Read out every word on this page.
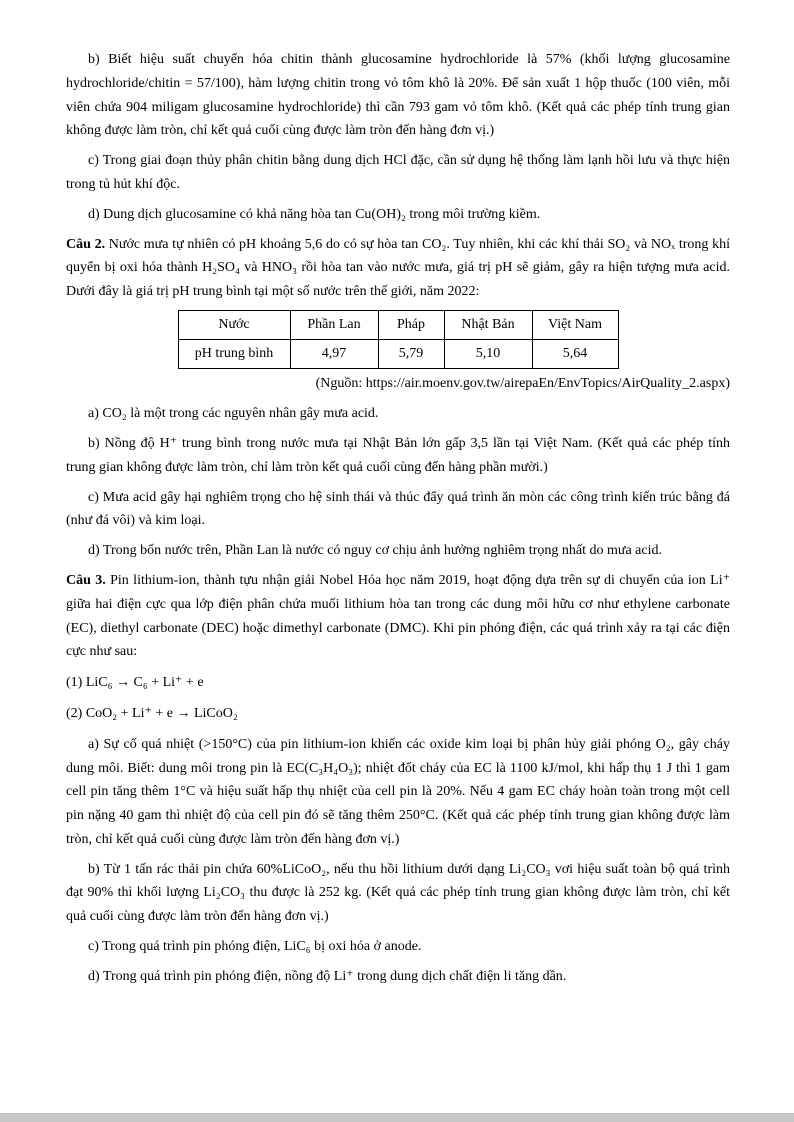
b) Biết hiệu suất chuyển hóa chitin thành glucosamine hydrochloride là 57% (khối lượng glucosamine hydrochloride/chitin = 57/100), hàm lượng chitin trong vỏ tôm khô là 20%. Để sản xuất 1 hộp thuốc (100 viên, mỗi viên chứa 904 miligam glucosamine hydrochloride) thì cần 793 gam vỏ tôm khô. (Kết quả các phép tính trung gian không được làm tròn, chỉ kết quả cuối cùng được làm tròn đến hàng đơn vị.)

c) Trong giai đoạn thủy phân chitin bằng dung dịch HCl đặc, cần sử dụng hệ thống làm lạnh hồi lưu và thực hiện trong tủ hút khí độc.

d) Dung dịch glucosamine có khả năng hòa tan Cu(OH)₂ trong môi trường kiềm.

Câu 2. Nước mưa tự nhiên có pH khoảng 5,6 do có sự hòa tan CO₂. Tuy nhiên, khi các khí thải SO₂ và NOₓ trong khí quyển bị oxi hóa thành H₂SO₄ và HNO₃ rồi hòa tan vào nước mưa, giá trị pH sẽ giảm, gây ra hiện tượng mưa acid. Dưới đây là giá trị pH trung bình tại một số nước trên thế giới, năm 2022:

Nước	Phần Lan	Pháp	Nhật Bản	Việt Nam
pH trung bình	4,97	5,79	5,10	5,64

(Nguồn: https://air.moenv.gov.tw/airepaEn/EnvTopics/AirQuality_2.aspx)

a) CO₂ là một trong các nguyên nhân gây mưa acid.

b) Nồng độ H⁺ trung bình trong nước mưa tại Nhật Bản lớn gấp 3,5 lần tại Việt Nam. (Kết quả các phép tính trung gian không được làm tròn, chỉ làm tròn kết quả cuối cùng đến hàng phần mười.)

c) Mưa acid gây hại nghiêm trọng cho hệ sinh thái và thúc đẩy quá trình ăn mòn các công trình kiến trúc bằng đá (như đá vôi) và kim loại.

d) Trong bốn nước trên, Phần Lan là nước có nguy cơ chịu ảnh hưởng nghiêm trọng nhất do mưa acid.

Câu 3. Pin lithium-ion, thành tựu nhận giải Nobel Hóa học năm 2019, hoạt động dựa trên sự di chuyển của ion Li⁺ giữa hai điện cực qua lớp điện phân chứa muối lithium hòa tan trong các dung môi hữu cơ như ethylene carbonate (EC), diethyl carbonate (DEC) hoặc dimethyl carbonate (DMC). Khi pin phóng điện, các quá trình xảy ra tại các điện cực như sau:

(1) LiC₆ → C₆ + Li⁺ + e

(2) CoO₂ + Li⁺ + e → LiCoO₂

a) Sự cố quá nhiệt (>150°C) của pin lithium-ion khiến các oxide kim loại bị phân hủy giải phóng O₂, gây cháy dung môi. Biết: dung môi trong pin là EC(C₃H₄O₃); nhiệt đốt cháy của EC là 1100 kJ/mol, khi hấp thụ 1 J thì 1 gam cell pin tăng thêm 1°C và hiệu suất hấp thụ nhiệt của cell pin là 20%. Nếu 4 gam EC cháy hoàn toàn trong một cell pin nặng 40 gam thì nhiệt độ của cell pin đó sẽ tăng thêm 250°C. (Kết quả các phép tính trung gian không được làm tròn, chỉ kết quả cuối cùng được làm tròn đến hàng đơn vị.)

b) Từ 1 tấn rác thải pin chứa 60%LiCoO₂, nếu thu hồi lithium dưới dạng Li₂CO₃ vơi hiệu suất toàn bộ quá trình đạt 90% thì khối lượng Li₂CO₃ thu được là 252 kg. (Kết quả các phép tính trung gian không được làm tròn, chỉ kết quả cuối cùng được làm tròn đến hàng đơn vị.)

c) Trong quá trình pin phóng điện, LiC₆ bị oxi hóa ở anode.

d) Trong quá trình pin phóng điện, nồng độ Li⁺ trong dung dịch chất điện li tăng dần.
